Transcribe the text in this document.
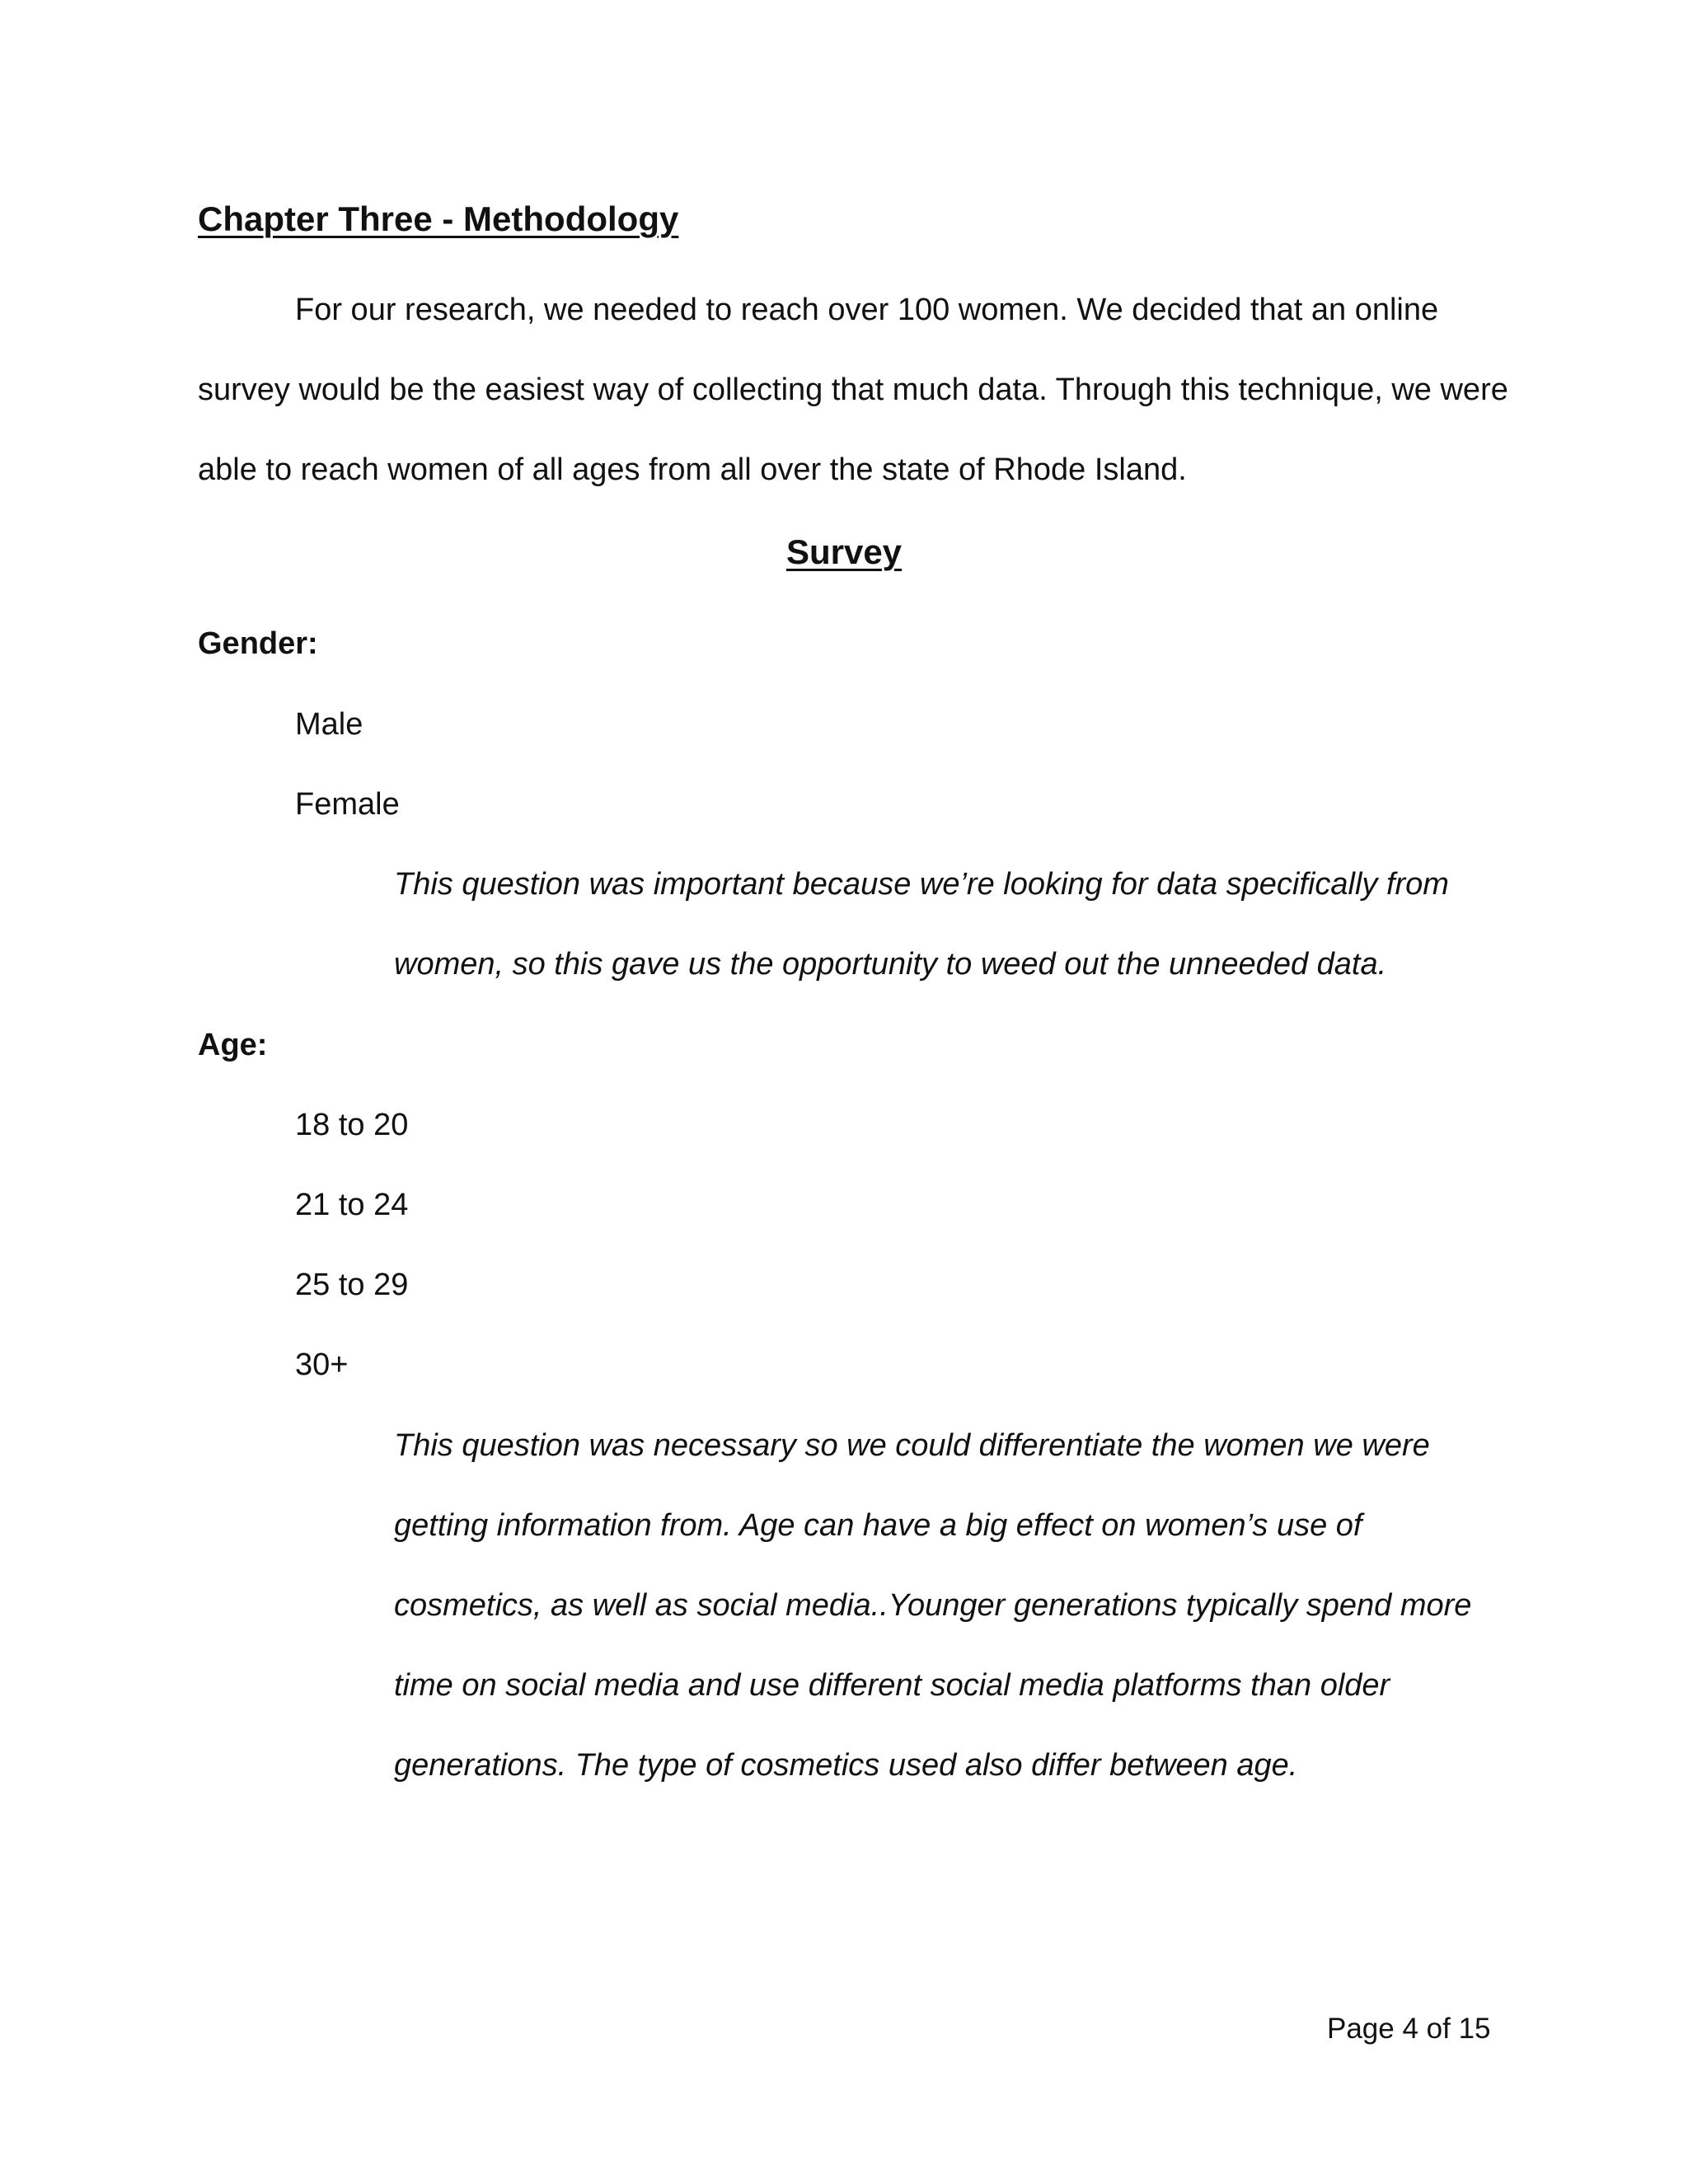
Chapter Three - Methodology
For our research, we needed to reach over 100 women. We decided that an online
survey would be the easiest way of collecting that much data. Through this technique, we were
able to reach women of all ages from all over the state of Rhode Island.
Survey
Gender:
Male
Female
This question was important because we’re looking for data specifically from
women, so this gave us the opportunity to weed out the unneeded data.
Age:
18 to 20
21 to 24
25 to 29
30+
This question was necessary so we could differentiate the women we were
getting information from. Age can have a big effect on women’s use of
cosmetics, as well as social media..Younger generations typically spend more
time on social media and use different social media platforms than older
generations. The type of cosmetics used also differ between age.
Page 4 of 15
